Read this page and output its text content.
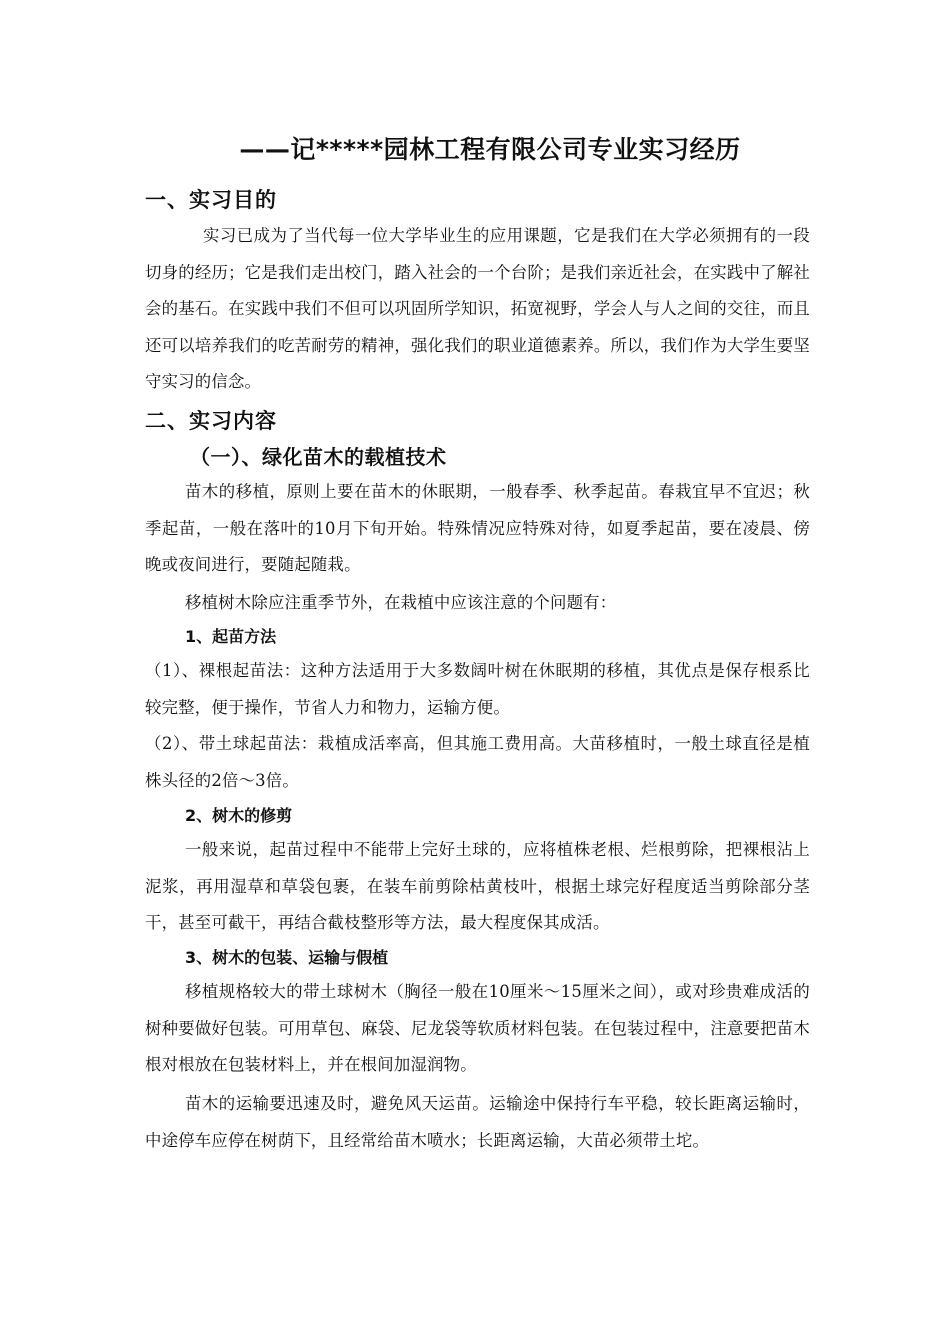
——记*****园林工程有限公司专业实习经历
一、实习目的

实习已成为了当代每一位大学毕业生的应用课题，它是我们在大学必须拥有的一段切身的经历；它是我们走出校门，踏入社会的一个台阶；是我们亲近社会，在实践中了解社会的基石。在实践中我们不但可以巩固所学知识，拓宽视野，学会人与人之间的交往，而且还可以培养我们的吃苦耐劳的精神，强化我们的职业道德素养。所以，我们作为大学生要坚守实习的信念。

二、实习内容
（一）、绿化苗木的载植技术

苗木的移植，原则上要在苗木的休眠期，一般春季、秋季起苗。春栽宜早不宜迟；秋季起苗，一般在落叶的10月下旬开始。特殊情况应特殊对待，如夏季起苗，要在凌晨、傍晚或夜间进行，要随起随栽。

移植树木除应注重季节外，在栽植中应该注意的个问题有：

1、起苗方法

（1）、裸根起苗法：这种方法适用于大多数阔叶树在休眠期的移植，其优点是保存根系比较完整，便于操作，节省人力和物力，运输方便。

（2）、带土球起苗法：栽植成活率高，但其施工费用高。大苗移植时，一般土球直径是植株头径的2倍～3倍。

2、树木的修剪

一般来说，起苗过程中不能带上完好土球的，应将植株老根、烂根剪除，把裸根沾上泥浆，再用湿草和草袋包裹，在装车前剪除枯黄枝叶，根据土球完好程度适当剪除部分茎干，甚至可截干，再结合截枝整形等方法，最大程度保其成活。

3、树木的包装、运输与假植

移植规格较大的带土球树木（胸径一般在10厘米～15厘米之间），或对珍贵难成活的树种要做好包装。可用草包、麻袋、尼龙袋等软质材料包装。在包装过程中，注意要把苗木根对根放在包装材料上，并在根间加湿润物。

苗木的运输要迅速及时，避免风天运苗。运输途中保持行车平稳，较长距离运输时，中途停车应停在树荫下，且经常给苗木喷水；长距离运输，大苗必须带土坨。
